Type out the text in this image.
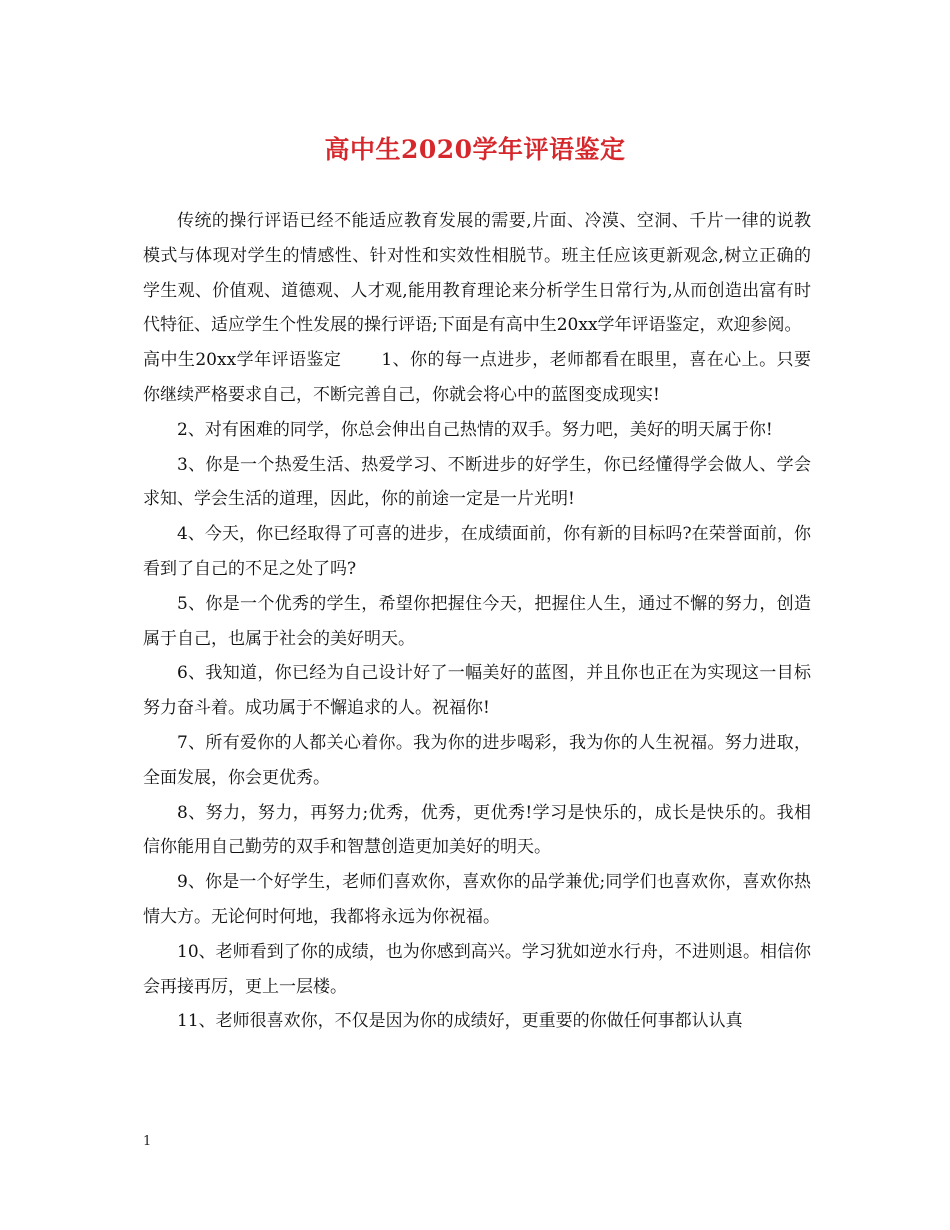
高中生2020学年评语鉴定

传统的操行评语已经不能适应教育发展的需要,片面、冷漠、空洞、千片一律的说教模式与体现对学生的情感性、针对性和实效性相脱节。班主任应该更新观念,树立正确的学生观、价值观、道德观、人才观,能用教育理论来分析学生日常行为,从而创造出富有时代特征、适应学生个性发展的操行评语;下面是有高中生20xx学年评语鉴定，欢迎参阅。

高中生20xx学年评语鉴定 1、你的每一点进步，老师都看在眼里，喜在心上。只要你继续严格要求自己，不断完善自己，你就会将心中的蓝图变成现实!

2、对有困难的同学，你总会伸出自己热情的双手。努力吧，美好的明天属于你!

3、你是一个热爱生活、热爱学习、不断进步的好学生，你已经懂得学会做人、学会求知、学会生活的道理，因此，你的前途一定是一片光明!

4、今天，你已经取得了可喜的进步，在成绩面前，你有新的目标吗?在荣誉面前，你看到了自己的不足之处了吗?

5、你是一个优秀的学生，希望你把握住今天，把握住人生，通过不懈的努力，创造属于自己，也属于社会的美好明天。

6、我知道，你已经为自己设计好了一幅美好的蓝图，并且你也正在为实现这一目标努力奋斗着。成功属于不懈追求的人。祝福你!

7、所有爱你的人都关心着你。我为你的进步喝彩，我为你的人生祝福。努力进取，全面发展，你会更优秀。

8、努力，努力，再努力;优秀，优秀，更优秀!学习是快乐的，成长是快乐的。我相信你能用自己勤劳的双手和智慧创造更加美好的明天。

9、你是一个好学生，老师们喜欢你，喜欢你的品学兼优;同学们也喜欢你，喜欢你热情大方。无论何时何地，我都将永远为你祝福。

10、老师看到了你的成绩，也为你感到高兴。学习犹如逆水行舟，不进则退。相信你会再接再厉，更上一层楼。

11、老师很喜欢你，不仅是因为你的成绩好，更重要的你做任何事都认认真

1
